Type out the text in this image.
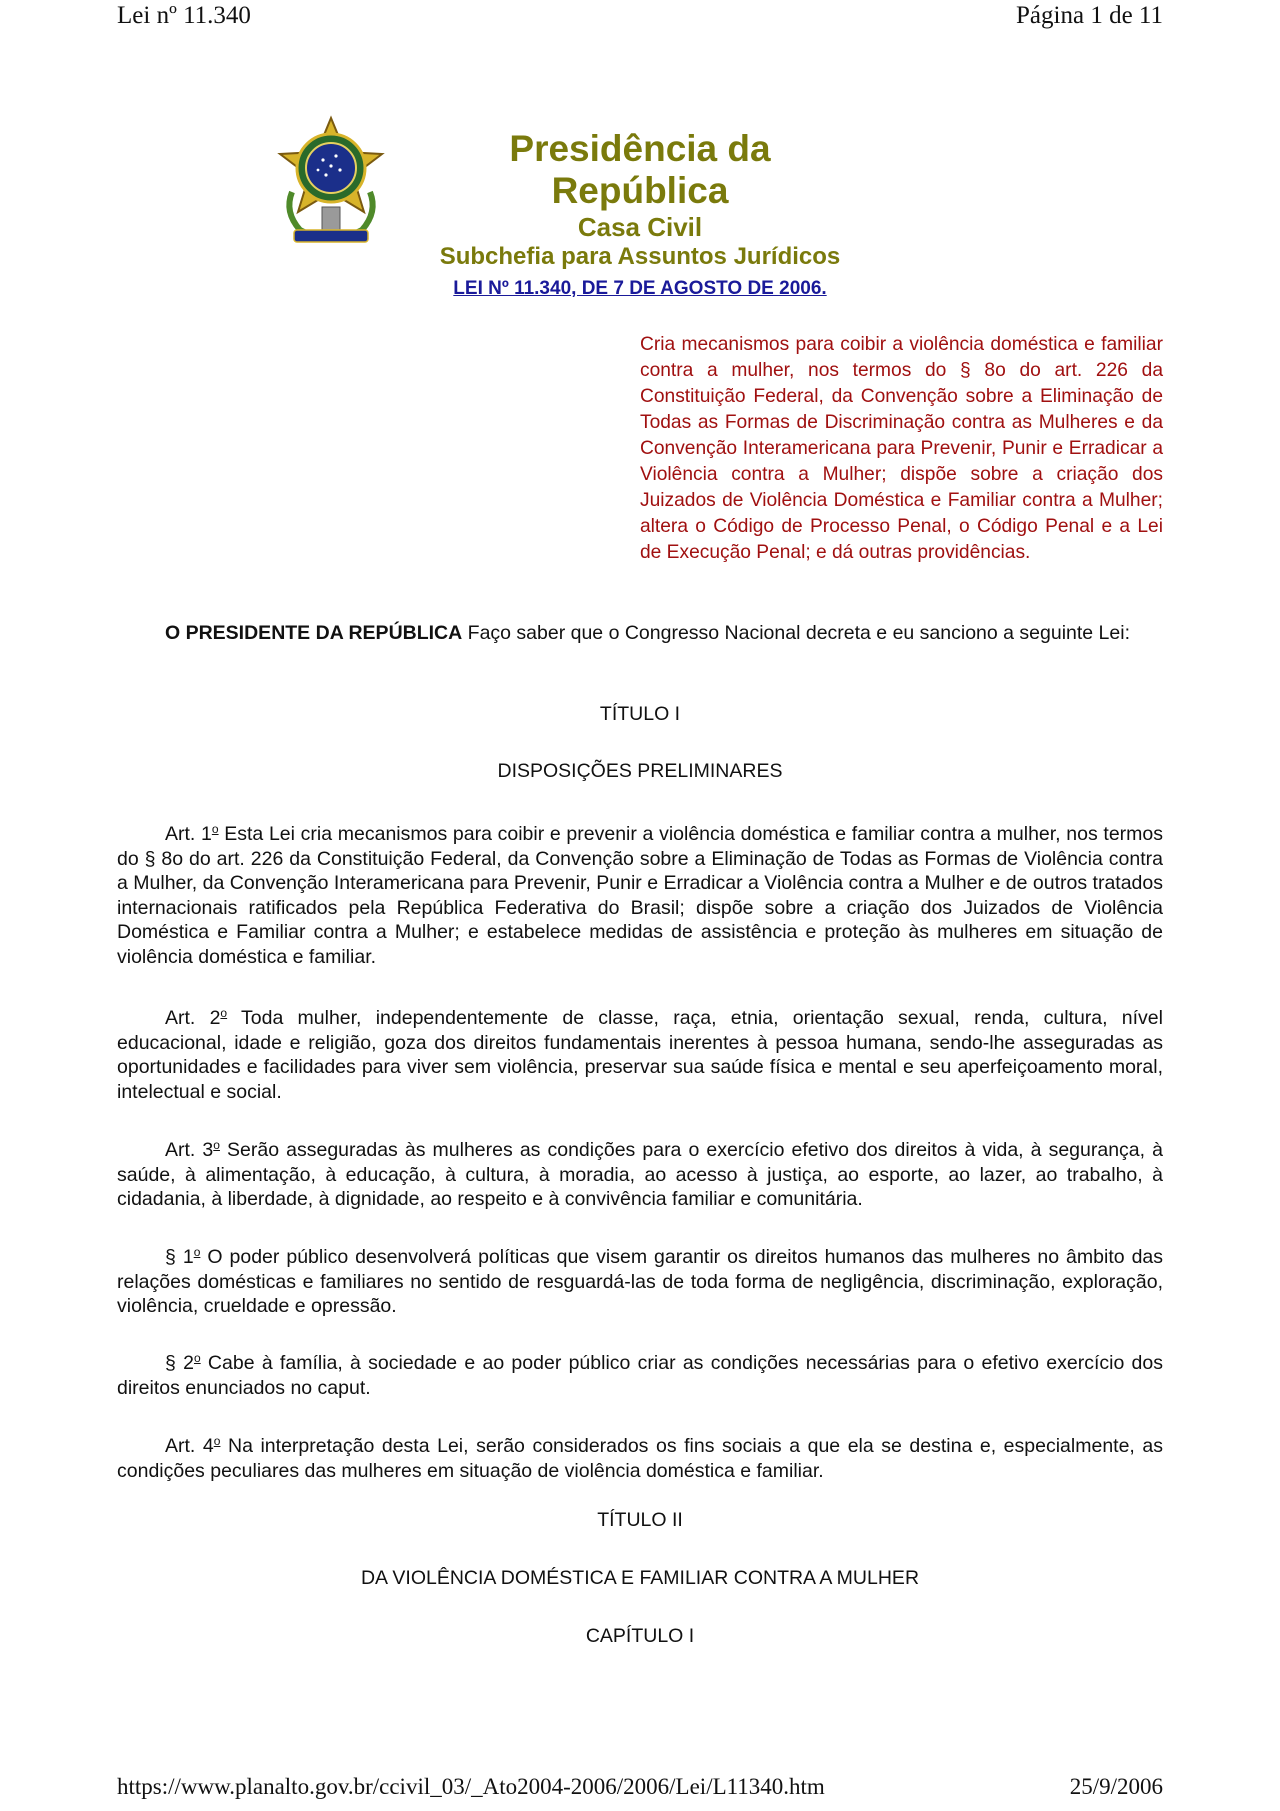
Lei nº 11.340	Página 1 de 11
Presidência da República
Casa Civil
Subchefia para Assuntos Jurídicos
LEI Nº 11.340, DE 7 DE AGOSTO DE 2006.
Cria mecanismos para coibir a violência doméstica e familiar contra a mulher, nos termos do § 8o do art. 226 da Constituição Federal, da Convenção sobre a Eliminação de Todas as Formas de Discriminação contra as Mulheres e da Convenção Interamericana para Prevenir, Punir e Erradicar a Violência contra a Mulher; dispõe sobre a criação dos Juizados de Violência Doméstica e Familiar contra a Mulher; altera o Código de Processo Penal, o Código Penal e a Lei de Execução Penal; e dá outras providências.
O PRESIDENTE DA REPÚBLICA Faço saber que o Congresso Nacional decreta e eu sanciono a seguinte Lei:
TÍTULO I
DISPOSIÇÕES PRELIMINARES
Art. 1$^o$ Esta Lei cria mecanismos para coibir e prevenir a violência doméstica e familiar contra a mulher, nos termos do § 8o do art. 226 da Constituição Federal, da Convenção sobre a Eliminação de Todas as Formas de Violência contra a Mulher, da Convenção Interamericana para Prevenir, Punir e Erradicar a Violência contra a Mulher e de outros tratados internacionais ratificados pela República Federativa do Brasil; dispõe sobre a criação dos Juizados de Violência Doméstica e Familiar contra a Mulher; e estabelece medidas de assistência e proteção às mulheres em situação de violência doméstica e familiar.
Art. 2$^o$ Toda mulher, independentemente de classe, raça, etnia, orientação sexual, renda, cultura, nível educacional, idade e religião, goza dos direitos fundamentais inerentes à pessoa humana, sendo-lhe asseguradas as oportunidades e facilidades para viver sem violência, preservar sua saúde física e mental e seu aperfeiçoamento moral, intelectual e social.
Art. 3$^o$ Serão asseguradas às mulheres as condições para o exercício efetivo dos direitos à vida, à segurança, à saúde, à alimentação, à educação, à cultura, à moradia, ao acesso à justiça, ao esporte, ao lazer, ao trabalho, à cidadania, à liberdade, à dignidade, ao respeito e à convivência familiar e comunitária.
§ 1$^o$ O poder público desenvolverá políticas que visem garantir os direitos humanos das mulheres no âmbito das relações domésticas e familiares no sentido de resguardá-las de toda forma de negligência, discriminação, exploração, violência, crueldade e opressão.
§ 2$^o$ Cabe à família, à sociedade e ao poder público criar as condições necessárias para o efetivo exercício dos direitos enunciados no caput.
Art. 4$^o$ Na interpretação desta Lei, serão considerados os fins sociais a que ela se destina e, especialmente, as condições peculiares das mulheres em situação de violência doméstica e familiar.
TÍTULO II
DA VIOLÊNCIA DOMÉSTICA E FAMILIAR CONTRA A MULHER
CAPÍTULO I
https://www.planalto.gov.br/ccivil_03/_Ato2004-2006/2006/Lei/L11340.htm	25/9/2006
